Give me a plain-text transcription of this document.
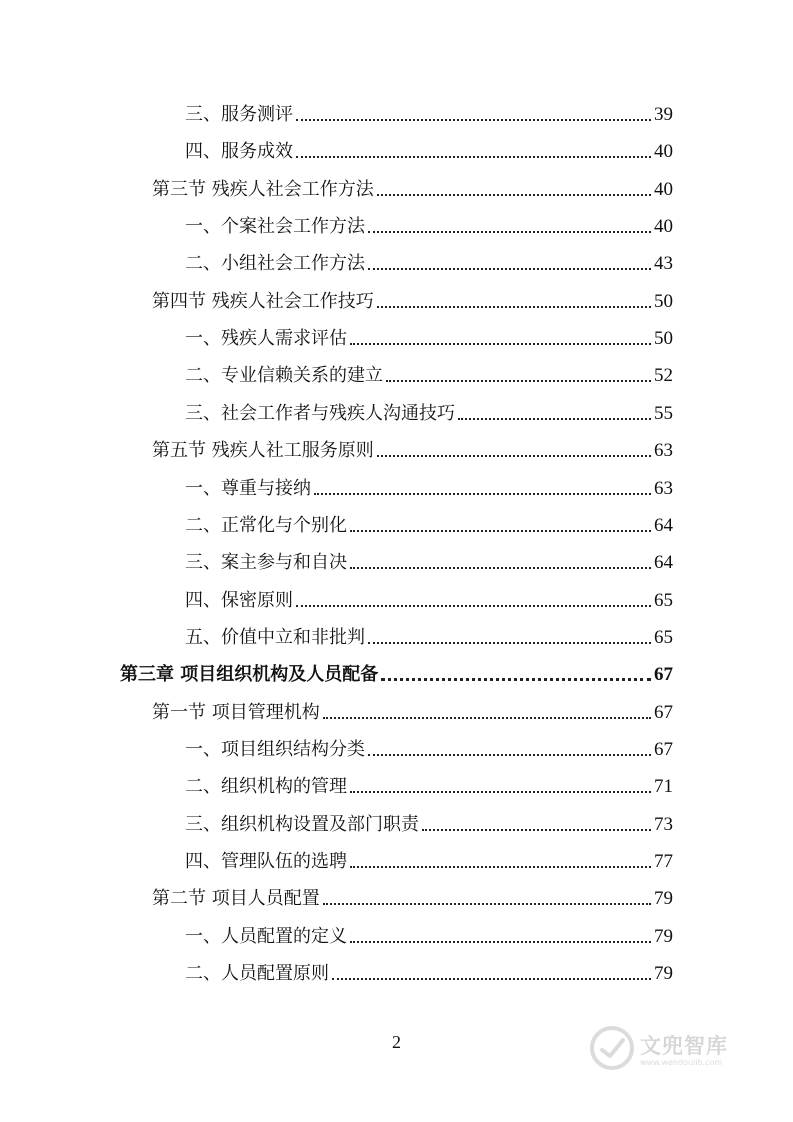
三、服务测评	39
四、服务成效	40
第三节 残疾人社会工作方法	40
一、个案社会工作方法	40
二、小组社会工作方法	43
第四节 残疾人社会工作技巧	50
一、残疾人需求评估	50
二、专业信赖关系的建立	52
三、社会工作者与残疾人沟通技巧	55
第五节 残疾人社工服务原则	63
一、尊重与接纳	63
二、正常化与个别化	64
三、案主参与和自决	64
四、保密原则	65
五、价值中立和非批判	65
第三章 项目组织机构及人员配备	67
第一节 项目管理机构	67
一、项目组织结构分类	67
二、组织机构的管理	71
三、组织机构设置及部门职责	73
四、管理队伍的选聘	77
第二节 项目人员配置	79
一、人员配置的定义	79
二、人员配置原则	79
2	文兜智库
www.wendoulib.com
